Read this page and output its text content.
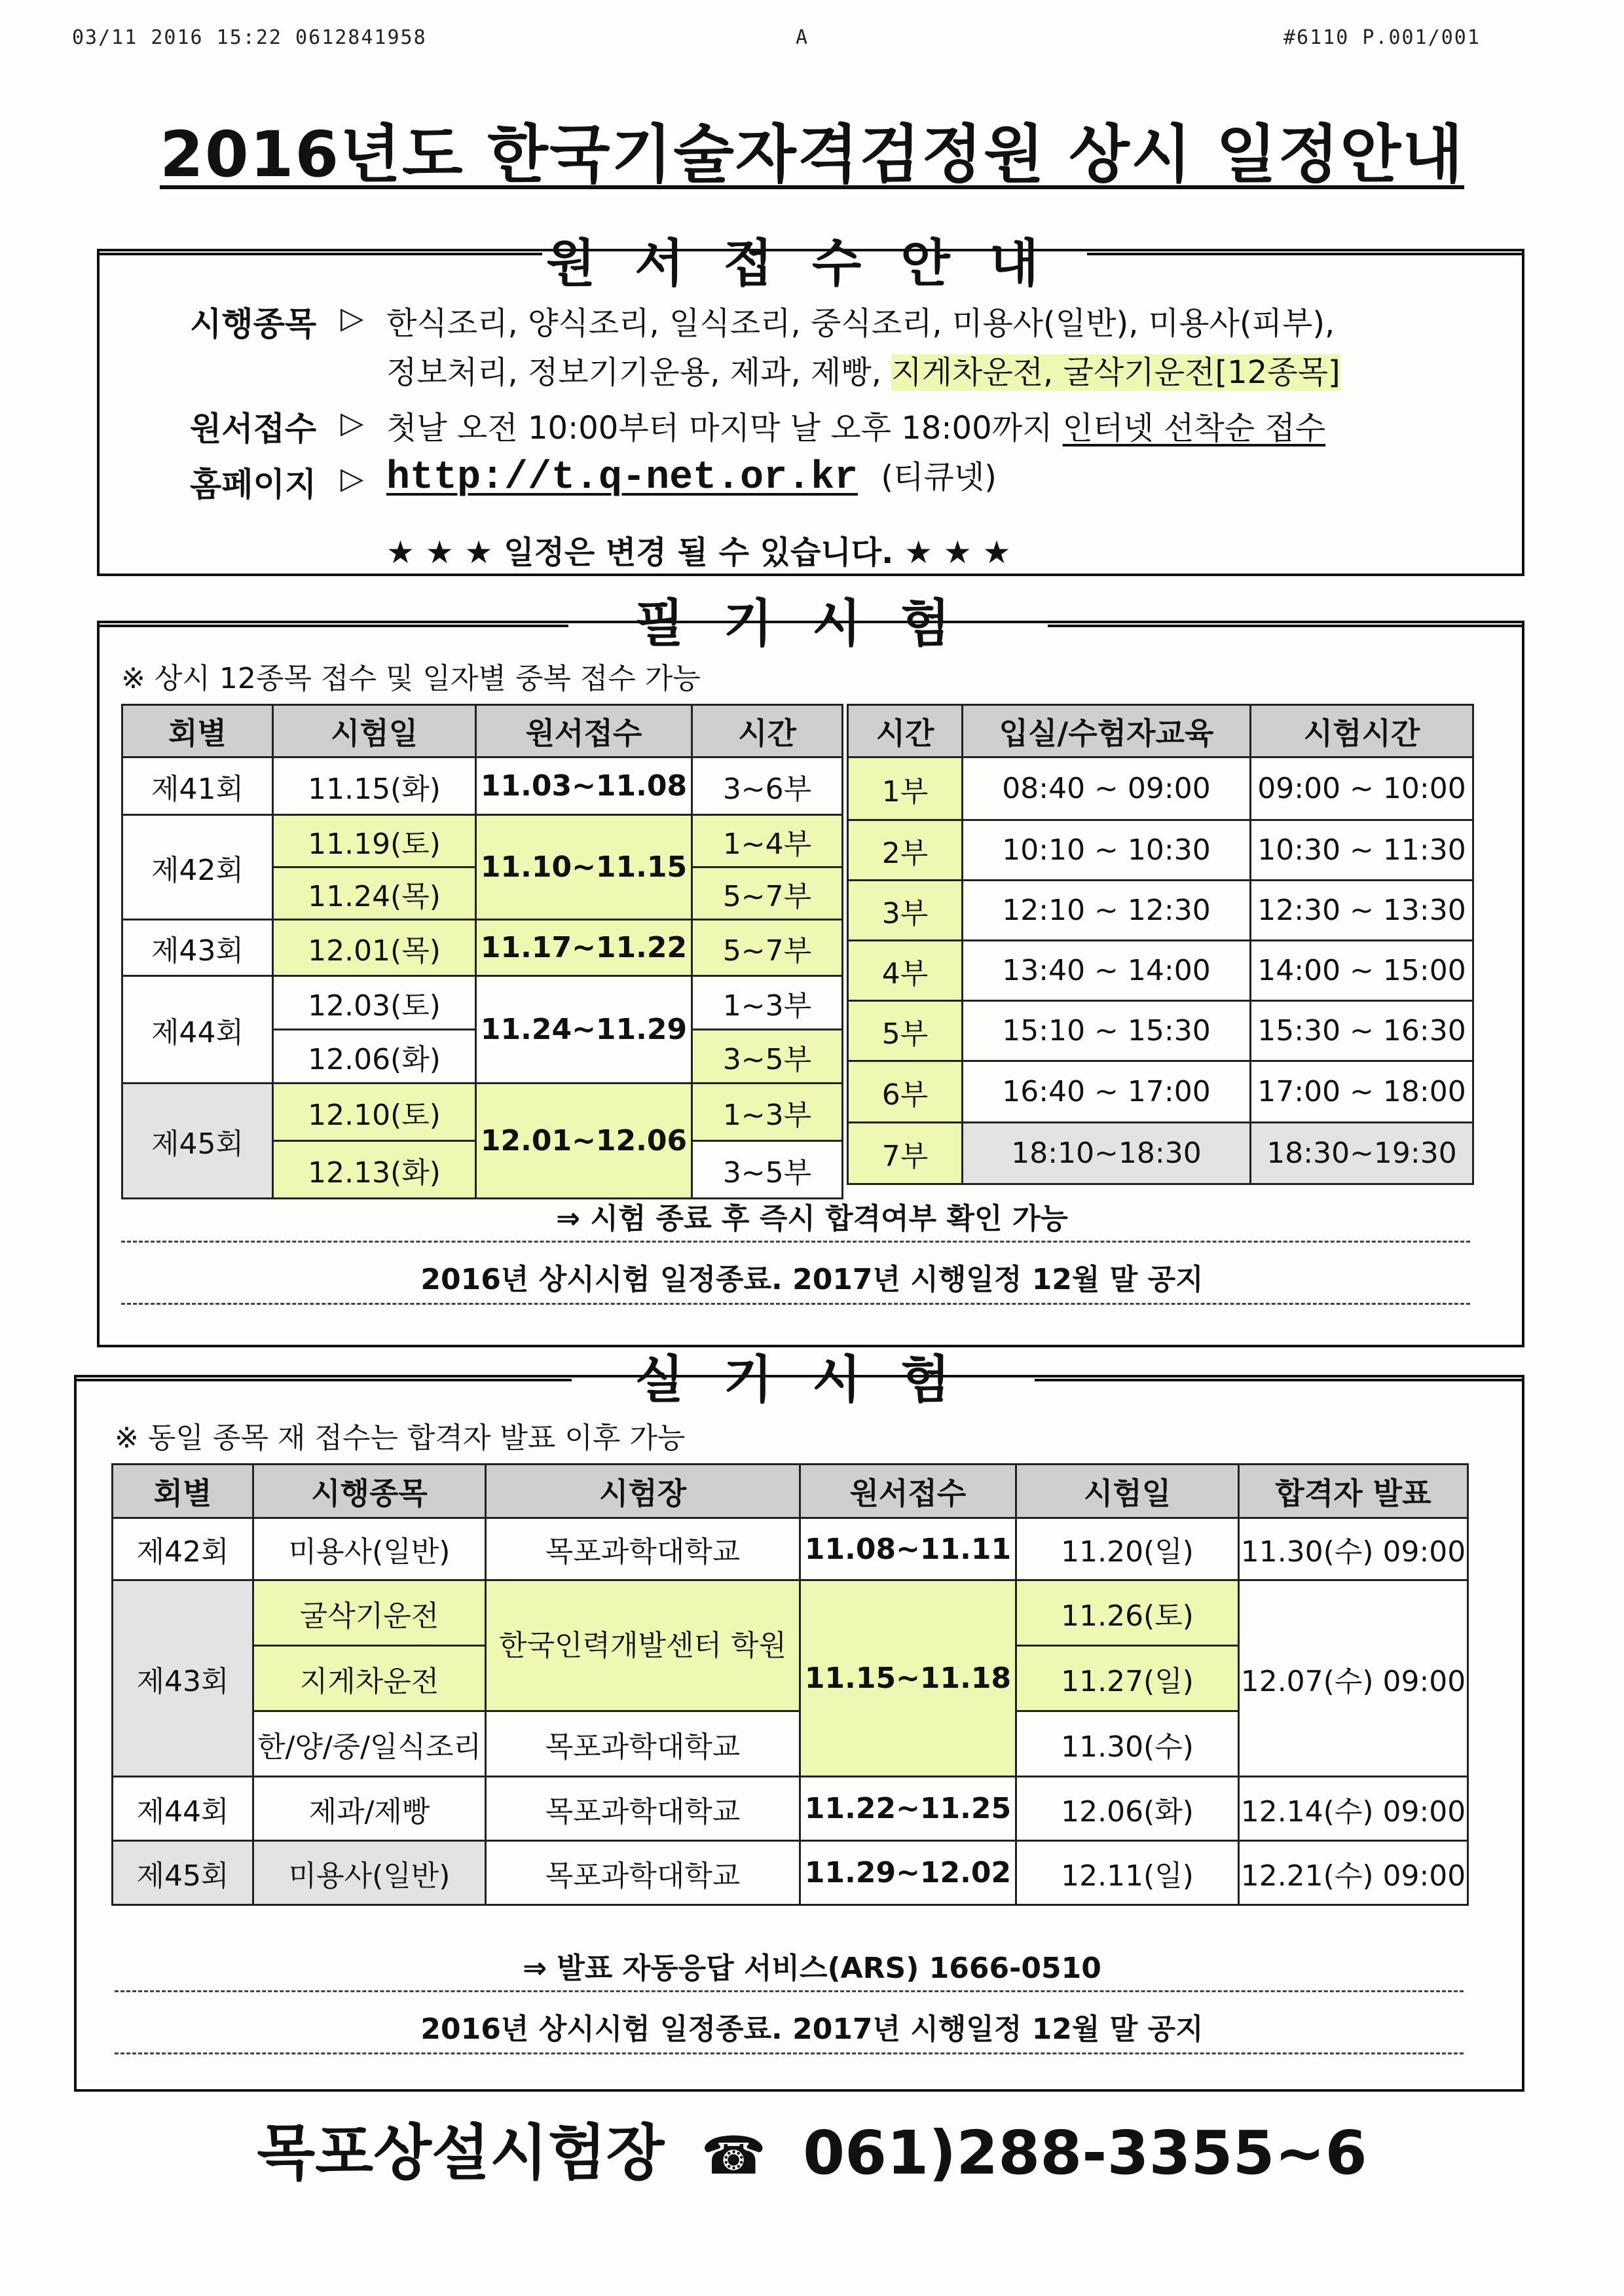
03/11 2016 15:22 0612841958	A	#6110 P.001/001
2016년도 한국기술자격검정원 상시 일정안내
원서접수안내
시행종목 ▷ 한식조리, 양식조리, 일식조리, 중식조리, 미용사(일반), 미용사(피부),
정보처리, 정보기기운용, 제과, 제빵, 지게차운전, 굴삭기운전[12종목]
원서접수 ▷ 첫날 오전 10:00부터 마지막 날 오후 18:00까지 인터넷 선착순 접수
홈페이지 ▷ http://t.q-net.or.kr (티큐넷)
★ ★ ★ 일정은 변경 될 수 있습니다. ★ ★ ★
필기시험
※ 상시 12종목 접수 및 일자별 중복 접수 가능
회별	시험일	원서접수	시간
제41회	11.15(화)	11.03~11.08	3~6부
제42회	11.19(토)	11.10~11.15	1~4부
	11.24(목)		5~7부
제43회	12.01(목)	11.17~11.22	5~7부
제44회	12.03(토)	11.24~11.29	1~3부
	12.06(화)		3~5부
제45회	12.10(토)	12.01~12.06	1~3부
	12.13(화)		3~5부
시간	입실/수험자교육	시험시간
1부	08:40 ~ 09:00	09:00 ~ 10:00
2부	10:10 ~ 10:30	10:30 ~ 11:30
3부	12:10 ~ 12:30	12:30 ~ 13:30
4부	13:40 ~ 14:00	14:00 ~ 15:00
5부	15:10 ~ 15:30	15:30 ~ 16:30
6부	16:40 ~ 17:00	17:00 ~ 18:00
7부	18:10~18:30	18:30~19:30
⇒ 시험 종료 후 즉시 합격여부 확인 가능
2016년 상시시험 일정종료. 2017년 시행일정 12월 말 공지
실기시험
※ 동일 종목 재 접수는 합격자 발표 이후 가능
회별	시행종목	시험장	원서접수	시험일	합격자 발표
제42회	미용사(일반)	목포과학대학교	11.08~11.11	11.20(일)	11.30(수) 09:00
제43회	굴삭기운전	한국인력개발센터 학원	11.15~11.18	11.26(토)	12.07(수) 09:00
	지게차운전			11.27(일)	
	한/양/중/일식조리	목포과학대학교		11.30(수)	
제44회	제과/제빵	목포과학대학교	11.22~11.25	12.06(화)	12.14(수) 09:00
제45회	미용사(일반)	목포과학대학교	11.29~12.02	12.11(일)	12.21(수) 09:00
⇒ 발표 자동응답 서비스(ARS) 1666-0510
2016년 상시시험 일정종료. 2017년 시행일정 12월 말 공지
목포상설시험장 ☎ 061)288-3355~6
